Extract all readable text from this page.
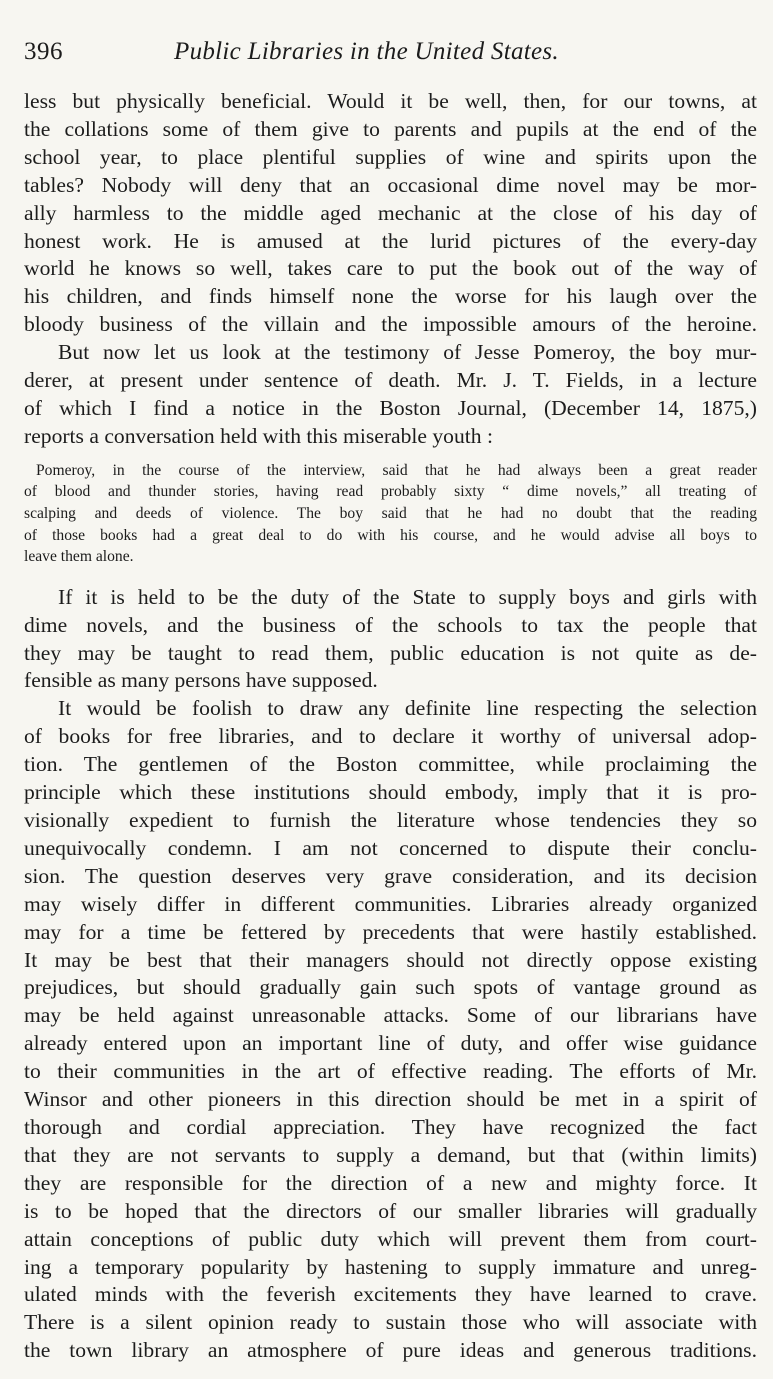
396	Public Libraries in the United States.

less but physically beneficial. Would it be well, then, for our towns, at

the collations some of them give to parents and pupils at the end of the

school year, to place plentiful supplies of wine and spirits upon the

tables? Nobody will deny that an occasional dime novel may be mor-

ally harmless to the middle aged mechanic at the close of his day of

honest work. He is amused at the lurid pictures of the every-day

world he knows so well, takes care to put the book out of the way of

his children, and finds himself none the worse for his laugh over the

bloody business of the villain and the impossible amours of the heroine.

But now let us look at the testimony of Jesse Pomeroy, the boy mur-

derer, at present under sentence of death. Mr. J. T. Fields, in a lecture

of which I find a notice in the Boston Journal, (December 14, 1875,)

reports a conversation held with this miserable youth :

Pomeroy, in the course of the interview, said that he had always been a great reader

of blood and thunder stories, having read probably sixty “ dime novels,” all treating of

scalping and deeds of violence. The boy said that he had no doubt that the reading

of those books had a great deal to do with his course, and he would advise all boys to

leave them alone.

If it is held to be the duty of the State to supply boys and girls with

dime novels, and the business of the schools to tax the people that

they may be taught to read them, public education is not quite as de-

fensible as many persons have supposed.

It would be foolish to draw any definite line respecting the selection

of books for free libraries, and to declare it worthy of universal adop-

tion. The gentlemen of the Boston committee, while proclaiming the

principle which these institutions should embody, imply that it is pro-

visionally expedient to furnish the literature whose tendencies they so

unequivocally condemn. I am not concerned to dispute their conclu-

sion. The question deserves very grave consideration, and its decision

may wisely differ in different communities. Libraries already organized

may for a time be fettered by precedents that were hastily established.

It may be best that their managers should not directly oppose existing

prejudices, but should gradually gain such spots of vantage ground as

may be held against unreasonable attacks. Some of our librarians have

already entered upon an important line of duty, and offer wise guidance

to their communities in the art of effective reading. The efforts of Mr.

Winsor and other pioneers in this direction should be met in a spirit of

thorough and cordial appreciation. They have recognized the fact

that they are not servants to supply a demand, but that (within limits)

they are responsible for the direction of a new and mighty force. It

is to be hoped that the directors of our smaller libraries will gradually

attain conceptions of public duty which will prevent them from court-

ing a temporary popularity by hastening to supply immature and unreg-

ulated minds with the feverish excitements they have learned to crave.

There is a silent opinion ready to sustain those who will associate with

the town library an atmosphere of pure ideas and generous traditions.
